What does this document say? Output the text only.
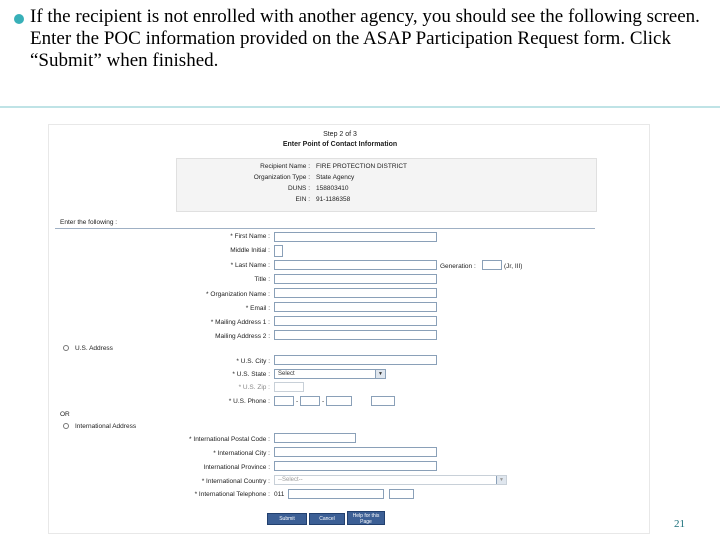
If the recipient is not enrolled with another agency, you should see the following screen. Enter the POC information provided on the ASAP Participation Request form. Click “Submit” when finished.
Step 2 of 3
Enter Point of Contact Information
Recipient Name : FIRE PROTECTION DISTRICT
Organization Type : State Agency
DUNS : 158803410
EIN : 91-1186358
Enter the following :
* First Name :
Middle Initial :
* Last Name :	Generation :	(Jr, III)
Title :
* Organization Name :
* Email :
* Mailing Address 1 :
Mailing Address 2 :
U.S. Address
* U.S. City :
* U.S. State :	Select	▼
* U.S. Zip :
* U.S. Phone :	-	-
OR
International Address
* International Postal Code :
* International City :
International Province :
* International Country :	--Select--	▼
* International Telephone : 011
Submit	Cancel	Help for this
Page	21
